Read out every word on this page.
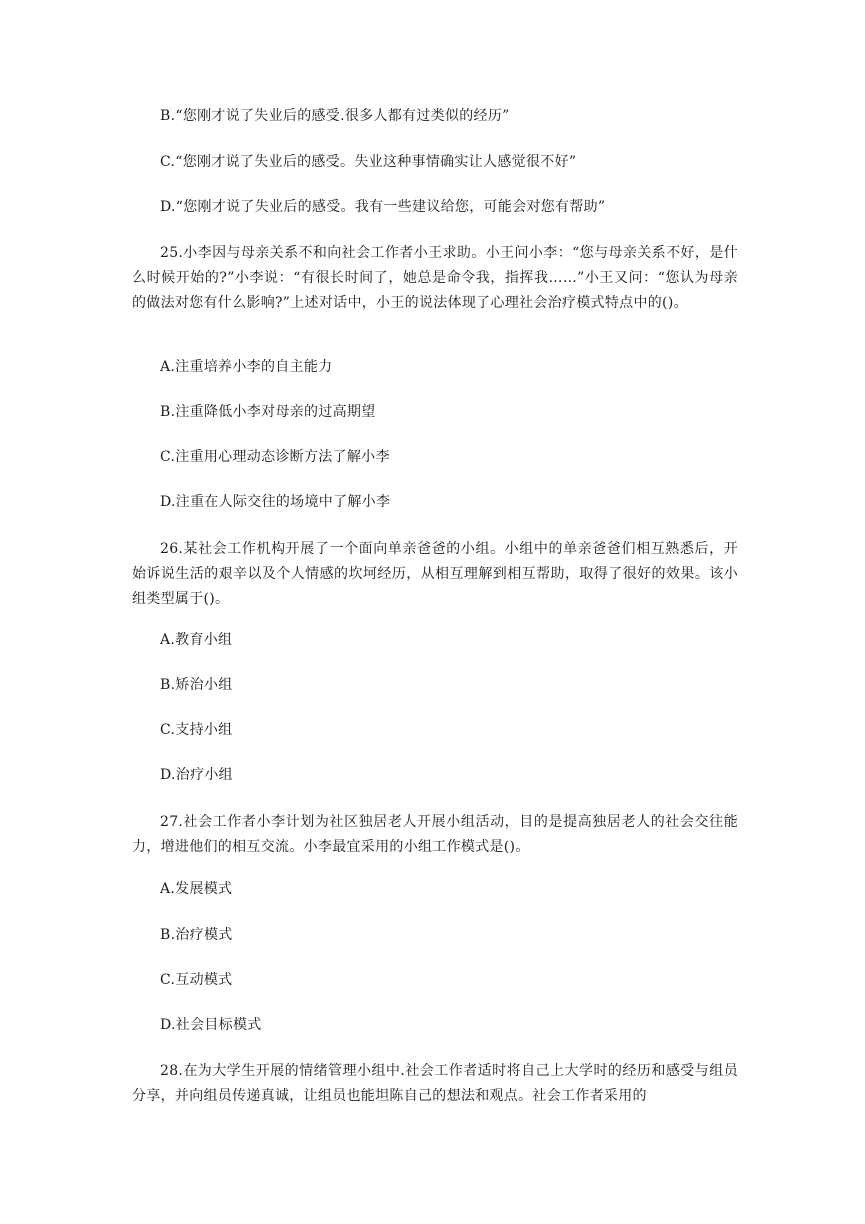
B.“您刚才说了失业后的感受.很多人都有过类似的经历”
C.“您刚才说了失业后的感受。失业这种事情确实让人感觉很不好”
D.“您刚才说了失业后的感受。我有一些建议给您，可能会对您有帮助”
25.小李因与母亲关系不和向社会工作者小王求助。小王问小李：“您与母亲关系不好，是什么时候开始的?”小李说：“有很长时间了，她总是命令我，指挥我……”小王又问：“您认为母亲的做法对您有什么影响?”上述对话中，小王的说法体现了心理社会治疗模式特点中的()。
A.注重培养小李的自主能力
B.注重降低小李对母亲的过高期望
C.注重用心理动态诊断方法了解小李
D.注重在人际交往的场境中了解小李
26.某社会工作机构开展了一个面向单亲爸爸的小组。小组中的单亲爸爸们相互熟悉后，开始诉说生活的艰辛以及个人情感的坎坷经历，从相互理解到相互帮助，取得了很好的效果。该小组类型属于()。
A.教育小组
B.矫治小组
C.支持小组
D.治疗小组
27.社会工作者小李计划为社区独居老人开展小组活动，目的是提高独居老人的社会交往能力，增进他们的相互交流。小李最宜采用的小组工作模式是()。
A.发展模式
B.治疗模式
C.互动模式
D.社会目标模式
28.在为大学生开展的情绪管理小组中.社会工作者适时将自己上大学时的经历和感受与组员分享，并向组员传递真诚，让组员也能坦陈自己的想法和观点。社会工作者采用的
